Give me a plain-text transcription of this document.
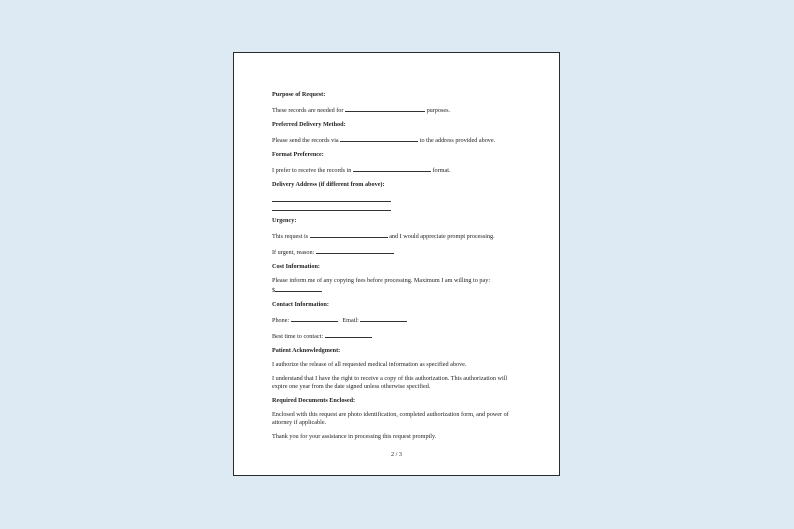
Purpose of Request:
These records are needed for	purposes.
Preferred Delivery Method:
Please send the records via	to the address provided above.
Format Preference:
I prefer to receive the records in	format.
Delivery Address (if different from above):
Urgency:
This request is	and I would appreciate prompt processing.
If urgent, reason:
Cost Information:
Please inform me of any copying fees before processing. Maximum I am willing to pay:
$
Contact Information:
Phone:	Email:
Best time to contact:
Patient Acknowledgment:
I authorize the release of all requested medical information as specified above.
I understand that I have the right to receive a copy of this authorization. This authorization will expire one year from the date signed unless otherwise specified.
Required Documents Enclosed:
Enclosed with this request are photo identification, completed authorization form, and power of attorney if applicable.
Thank you for your assistance in processing this request promptly.
2 / 3
